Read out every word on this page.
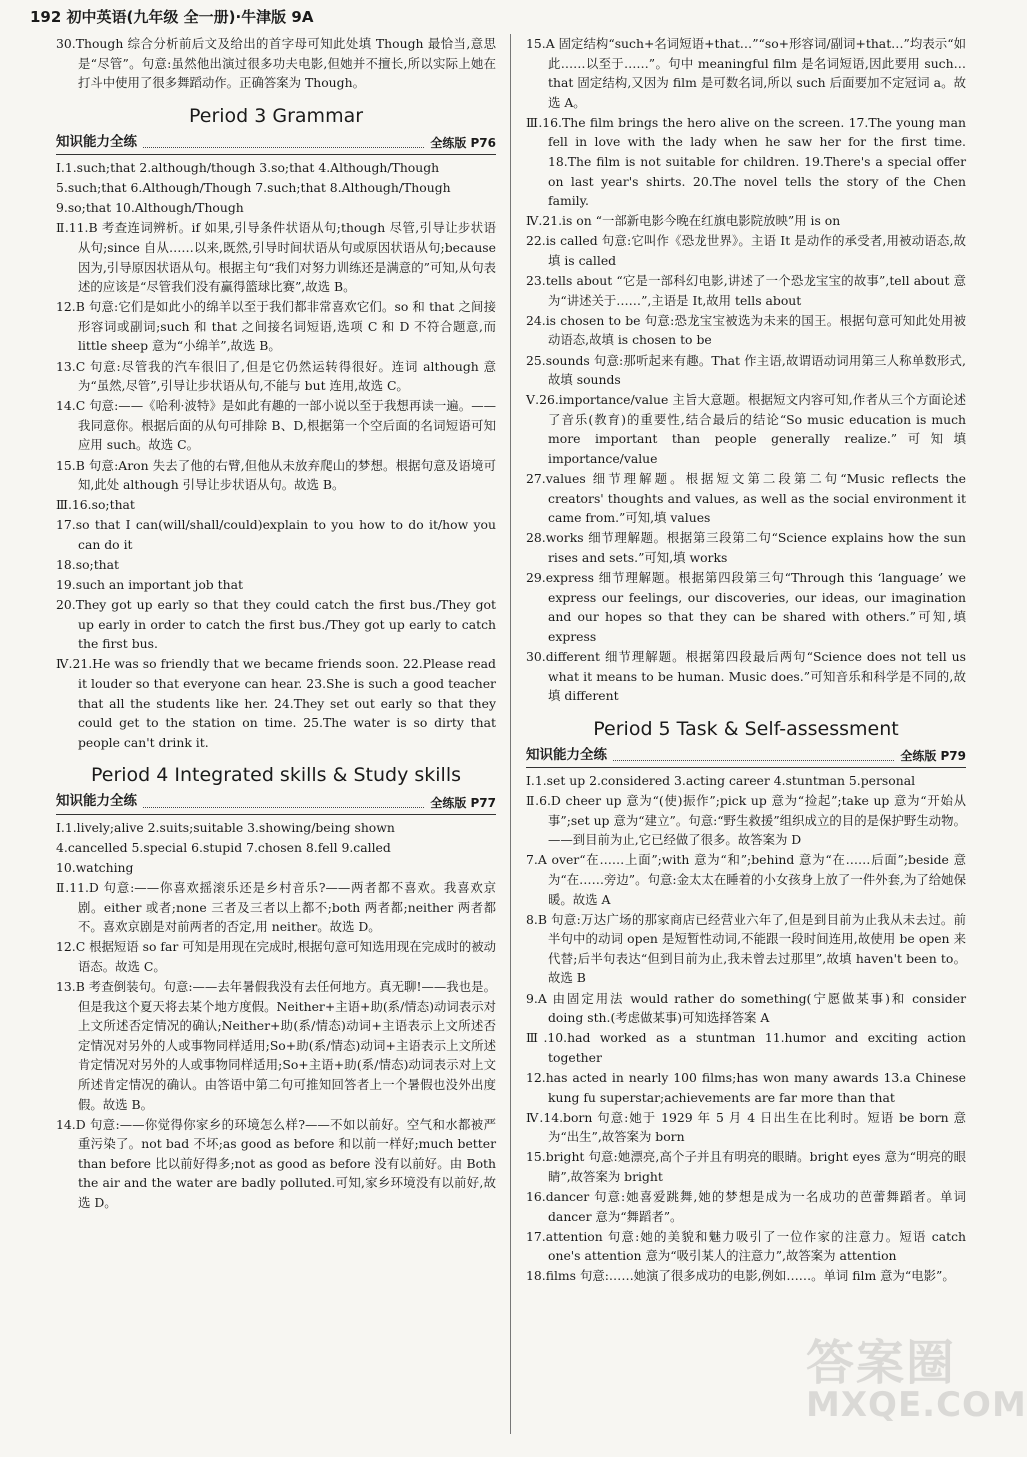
192 初中英语(九年级 全一册)·牛津版 9A

30.Though 综合分析前后文及给出的首字母可知此处填 Though 最恰当,意思是“尽管”。句意:虽然他出演过很多功夫电影,但她并不擅长,所以实际上她在打斗中使用了很多舞蹈动作。正确答案为 Though。

Period 3 Grammar
知识能力全练	全练版 P76

Ⅰ.1.such;that 2.although/though 3.so;that 4.Although/Though

5.such;that 6.Although/Though 7.such;that 8.Although/Though

9.so;that 10.Although/Though

Ⅱ.11.B 考查连词辨析。if 如果,引导条件状语从句;though 尽管,引导让步状语从句;since 自从……以来,既然,引导时间状语从句或原因状语从句;because 因为,引导原因状语从句。根据主句“我们对努力训练还是满意的”可知,从句表述的应该是“尽管我们没有赢得篮球比赛”,故选 B。

12.B 句意:它们是如此小的绵羊以至于我们都非常喜欢它们。so 和 that 之间接形容词或副词;such 和 that 之间接名词短语,选项 C 和 D 不符合题意,而 little sheep 意为“小绵羊”,故选 B。

13.C 句意:尽管我的汽车很旧了,但是它仍然运转得很好。连词 although 意为“虽然,尽管”,引导让步状语从句,不能与 but 连用,故选 C。

14.C 句意:——《哈利·波特》是如此有趣的一部小说以至于我想再读一遍。——我同意你。根据后面的从句可排除 B、D,根据第一个空后面的名词短语可知应用 such。故选 C。

15.B 句意:Aron 失去了他的右臂,但他从未放弃爬山的梦想。根据句意及语境可知,此处 although 引导让步状语从句。故选 B。

Ⅲ.16.so;that

17.so that I can(will/shall/could)explain to you how to do it/how you can do it

18.so;that

19.such an important job that

20.They got up early so that they could catch the first bus./They got up early in order to catch the first bus./They got up early to catch the first bus.

Ⅳ.21.He was so friendly that we became friends soon. 22.Please read it louder so that everyone can hear. 23.She is such a good teacher that all the students like her. 24.They set out early so that they could get to the station on time. 25.The water is so dirty that people can't drink it.

Period 4 Integrated skills & Study skills
知识能力全练	全练版 P77

Ⅰ.1.lively;alive 2.suits;suitable 3.showing/being shown

4.cancelled 5.special 6.stupid 7.chosen 8.fell 9.called

10.watching

Ⅱ.11.D 句意:——你喜欢摇滚乐还是乡村音乐?——两者都不喜欢。我喜欢京剧。either 或者;none 三者及三者以上都不;both 两者都;neither 两者都不。喜欢京剧是对前两者的否定,用 neither。故选 D。

12.C 根据短语 so far 可知是用现在完成时,根据句意可知选用现在完成时的被动语态。故选 C。

13.B 考查倒装句。句意:——去年暑假我没有去任何地方。真无聊!——我也是。但是我这个夏天将去某个地方度假。Neither+主语+助(系/情态)动词表示对上文所述否定情况的确认;Neither+助(系/情态)动词+主语表示上文所述否定情况对另外的人或事物同样适用;So+助(系/情态)动词+主语表示上文所述肯定情况对另外的人或事物同样适用;So+主语+助(系/情态)动词表示对上文所述肯定情况的确认。由答语中第二句可推知回答者上一个暑假也没外出度假。故选 B。

14.D 句意:——你觉得你家乡的环境怎么样?——不如以前好。空气和水都被严重污染了。not bad 不坏;as good as before 和以前一样好;much better than before 比以前好得多;not as good as before 没有以前好。由 Both the air and the water are badly polluted.可知,家乡环境没有以前好,故选 D。

15.A 固定结构“such+名词短语+that…”“so+形容词/副词+that…”均表示“如此……以至于……”。句中 meaningful film 是名词短语,因此要用 such…that 固定结构,又因为 film 是可数名词,所以 such 后面要加不定冠词 a。故选 A。

Ⅲ.16.The film brings the hero alive on the screen. 17.The young man fell in love with the lady when he saw her for the first time. 18.The film is not suitable for children. 19.There's a special offer on last year's shirts. 20.The novel tells the story of the Chen family.

Ⅳ.21.is on “一部新电影今晚在红旗电影院放映”用 is on

22.is called 句意:它叫作《恐龙世界》。主语 It 是动作的承受者,用被动语态,故填 is called

23.tells about “它是一部科幻电影,讲述了一个恐龙宝宝的故事”,tell about 意为“讲述关于……”,主语是 It,故用 tells about

24.is chosen to be 句意:恐龙宝宝被选为未来的国王。根据句意可知此处用被动语态,故填 is chosen to be

25.sounds 句意:那听起来有趣。That 作主语,故谓语动词用第三人称单数形式,故填 sounds

Ⅴ.26.importance/value 主旨大意题。根据短文内容可知,作者从三个方面论述了音乐(教育)的重要性,结合最后的结论“So music education is much more important than people generally realize.”可知填 importance/value

27.values 细节理解题。根据短文第二段第二句“Music reflects the creators' thoughts and values, as well as the social environment it came from.”可知,填 values

28.works 细节理解题。根据第三段第二句“Science explains how the sun rises and sets.”可知,填 works

29.express 细节理解题。根据第四段第三句“Through this ‘language’ we express our feelings, our discoveries, our ideas, our imagination and our hopes so that they can be shared with others.”可知,填 express

30.different 细节理解题。根据第四段最后两句“Science does not tell us what it means to be human. Music does.”可知音乐和科学是不同的,故填 different

Period 5 Task & Self-assessment
知识能力全练	全练版 P79

Ⅰ.1.set up 2.considered 3.acting career 4.stuntman 5.personal

Ⅱ.6.D cheer up 意为“(使)振作”;pick up 意为“捡起”;take up 意为“开始从事”;set up 意为“建立”。句意:“野生救援”组织成立的目的是保护野生动物。——到目前为止,它已经做了很多。故答案为 D

7.A over“在……上面”;with 意为“和”;behind 意为“在……后面”;beside 意为“在……旁边”。句意:金太太在睡着的小女孩身上放了一件外套,为了给她保暖。故选 A

8.B 句意:万达广场的那家商店已经营业六年了,但是到目前为止我从未去过。前半句中的动词 open 是短暂性动词,不能跟一段时间连用,故使用 be open 来代替;后半句表达“但到目前为止,我未曾去过那里”,故填 haven't been to。故选 B

9.A 由固定用法 would rather do something(宁愿做某事)和 consider doing sth.(考虑做某事)可知选择答案 A

Ⅲ.10.had worked as a stuntman 11.humor and exciting action together

12.has acted in nearly 100 films;has won many awards 13.a Chinese kung fu superstar;achievements are far more than that

Ⅳ.14.born 句意:她于 1929 年 5 月 4 日出生在比利时。短语 be born 意为“出生”,故答案为 born

15.bright 句意:她漂亮,高个子并且有明亮的眼睛。bright eyes 意为“明亮的眼睛”,故答案为 bright

16.dancer 句意:她喜爱跳舞,她的梦想是成为一名成功的芭蕾舞蹈者。单词 dancer 意为“舞蹈者”。

17.attention 句意:她的美貌和魅力吸引了一位作家的注意力。短语 catch one's attention 意为“吸引某人的注意力”,故答案为 attention

18.films 句意:……她演了很多成功的电影,例如……。单词 film 意为“电影”。

答案圈
MXQE.COM
